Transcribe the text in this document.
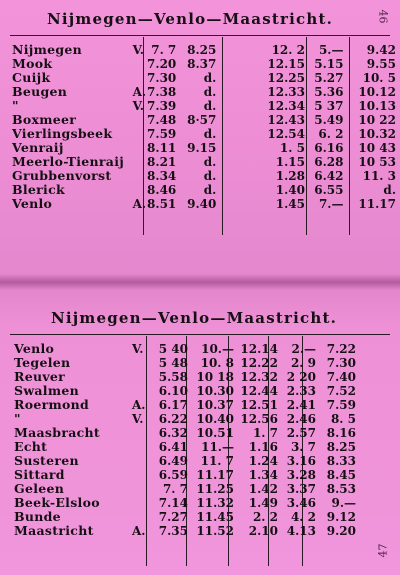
Nijmegen—Venlo—Maastricht.	46
Nijmegen	V.	7. 7	8.25		12. 2	5.—		9.42
Mook		7.20	8.37		12.15	5.15		9.55
Cuijk		7.30	d.		12.25	5.27		10. 5
Beugen	A.	7.38	d.		12.33	5.36		10.12
"	V.	7.39	d.		12.34	5 37		10.13
Boxmeer		7.48	8·57		12.43	5.49		10 22
Vierlingsbeek		7.59	d.		12.54	6. 2		10.32
Venraij		8.11	9.15		1. 5	6.16		10 43
Meerlo-Tienraij		8.21	d.		1.15	6.28		10 53
Grubbenvorst		8.34	d.		1.28	6.42		11. 3
Blerick		8.46	d.		1.40	6.55		d.
Venlo	A.	8.51	9.40		1.45	7.—		11.17
Nijmegen—Venlo—Maastricht.
47
Venlo	V.	5 40	10.—	12.14	2.—	7.22
Tegelen		5 48	10. 8	12.22	2. 9	7.30
Reuver		5.58	10 18	12.32	2 20	7.40
Swalmen		6.10	10.30	12.44	2.33	7.52
Roermond	A.	6.17	10.37	12.51	2.41	7.59
"	V.	6.22	10.40	12.56	2.46	8. 5
Maasbracht		6.32	10.51	1. 7	2.57	8.16
Echt		6.41	11.—	1.16	3. 7	8.25
Susteren		6.49	11. 7	1.24	3.16	8.33
Sittard		6.59	11.17	1.34	3.28	8.45
Geleen		7. 7	11.25	1.42	3.37	8.53
Beek-Elsloo		7.14	11.32	1.49	3.46	9.—
Bunde		7.27	11.45	2. 2	4. 2	9.12
Maastricht	A.	7.35	11.52	2.10	4.13	9.20
